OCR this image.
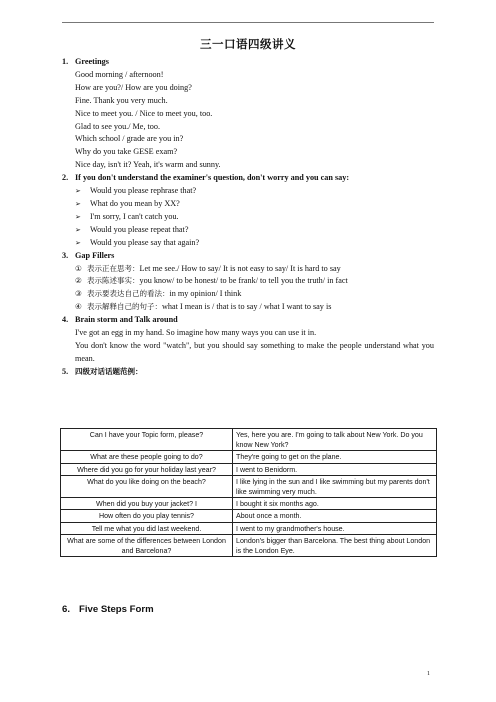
三一口语四级讲义
1. Greetings
Good morning / afternoon!
How are you?/ How are you doing?
Fine. Thank you very much.
Nice to meet you. / Nice to meet you, too.
Glad to see you./ Me, too.
Which school / grade are you in?
Why do you take GESE exam?
Nice day, isn't it? Yeah, it's warm and sunny.
2. If you don't understand the examiner's question, don't worry and you can say:
➢ Would you please rephrase that?
➢ What do you mean by XX?
➢ I'm sorry, I can't catch you.
➢ Would you please repeat that?
➢ Would you please say that again?
3. Gap Fillers
① 表示正在思考：Let me see./ How to say/ It is not easy to say/ It is hard to say
② 表示陈述事实：you know/ to be honest/ to be frank/ to tell you the truth/ in fact
③ 表示要表达自己的看法：in my opinion/ I think
④ 表示解释自己的句子：what I mean is / that is to say / what I want to say is
4. Brain storm and Talk around
I've got an egg in my hand. So imagine how many ways you can use it in.
You don't know the word "watch", but you should say something to make the people understand what you mean.
5. 四级对话话题范例：
Can I have your Topic form, please?	Yes, here you are. I'm going to talk about New York. Do you know New York?
What are these people going to do?	They're going to get on the plane.
Where did you go for your holiday last year?	I went to Benidorm.
What do you like doing on the beach?	I like lying in the sun and I like swimming but my parents don't like swimming very much.
When did you buy your jacket? I	I bought it six months ago.
How often do you play tennis?	About once a month.
Tell me what you did last weekend.	I went to my grandmother's house.
What are some of the differences between London and Barcelona?	London's bigger than Barcelona. The best thing about London is the London Eye.
6. Five Steps Form
1
